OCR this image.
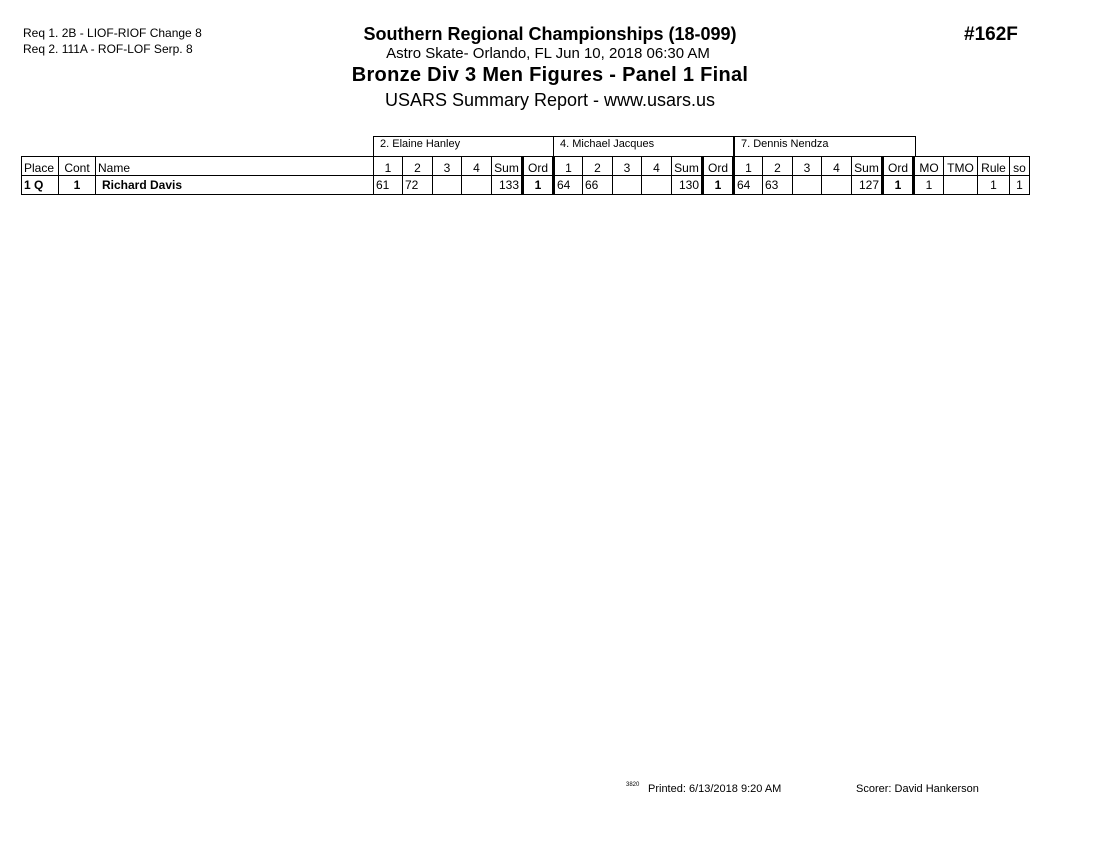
Req 1. 2B - LIOF-RIOF Change 8
Req 2. 111A - ROF-LOF Serp. 8
Southern Regional Championships (18-099)
Astro Skate- Orlando, FL Jun 10, 2018 06:30 AM
Bronze Div 3 Men Figures - Panel 1 Final
USARS Summary Report - www.usars.us
#162F
2. Elaine Hanley	4. Michael Jacques	7. Dennis Nendza
Place	Cont	Name	1	2	3	4	Sum	Ord	1	2	3	4	Sum	Ord	1	2	3	4	Sum	Ord	MO	TMO	Rule	so
1 Q	1	Richard Davis	61	72			133	1	64	66			130	1	64	63			127	1	1		1	1
3820 Printed: 6/13/2018 9:20 AM	Scorer: David Hankerson
